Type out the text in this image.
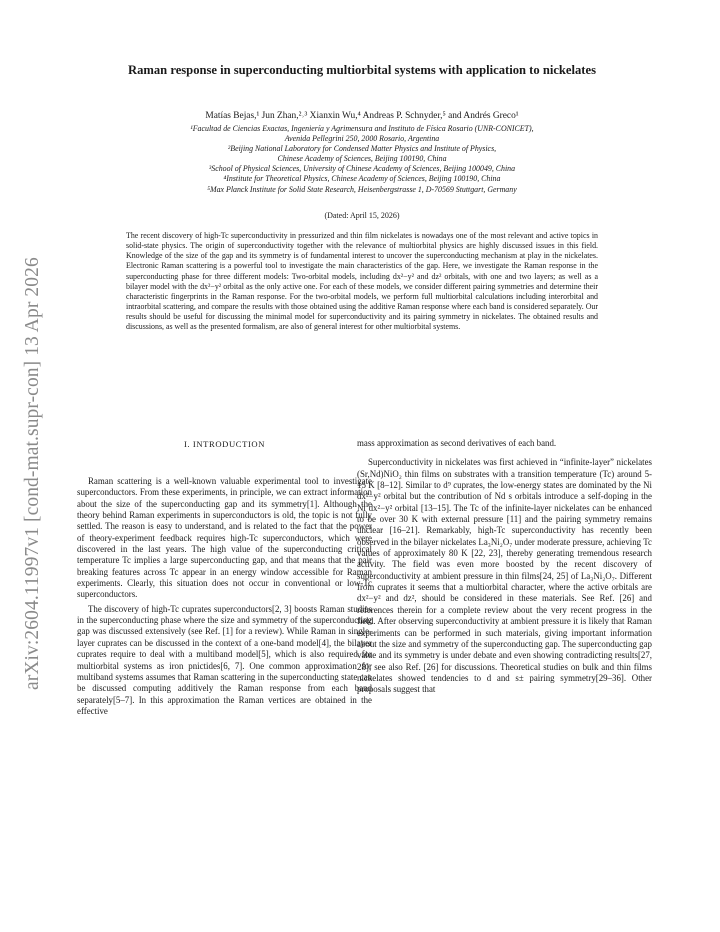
arXiv:2604.11997v1 [cond-mat.supr-con] 13 Apr 2026
Raman response in superconducting multiorbital systems with application to nickelates
Matías Bejas,¹ Jun Zhan,²˒³ Xianxin Wu,⁴ Andreas P. Schnyder,⁵ and Andrés Greco¹
¹Facultad de Ciencias Exactas, Ingeniería y Agrimensura and Instituto de Física Rosario (UNR-CONICET),
Avenida Pellegrini 250, 2000 Rosario, Argentina
²Beijing National Laboratory for Condensed Matter Physics and Institute of Physics,
Chinese Academy of Sciences, Beijing 100190, China
³School of Physical Sciences, University of Chinese Academy of Sciences, Beijing 100049, China
⁴Institute for Theoretical Physics, Chinese Academy of Sciences, Beijing 100190, China
⁵Max Planck Institute for Solid State Research, Heisenbergstrasse 1, D-70569 Stuttgart, Germany
(Dated: April 15, 2026)
The recent discovery of high-Tc superconductivity in pressurized and thin film nickelates is nowadays one of the most relevant and active topics in solid-state physics. The origin of superconductivity together with the relevance of multiorbital physics are highly discussed issues in this field. Knowledge of the size of the gap and its symmetry is of fundamental interest to uncover the superconducting mechanism at play in the nickelates. Electronic Raman scattering is a powerful tool to investigate the main characteristics of the gap. Here, we investigate the Raman response in the superconducting phase for three different models: Two-orbital models, including dx²−y² and dz² orbitals, with one and two layers; as well as a bilayer model with the dx²−y² orbital as the only active one. For each of these models, we consider different pairing symmetries and determine their characteristic fingerprints in the Raman response. For the two-orbital models, we perform full multiorbital calculations including interorbital and intraorbital scattering, and compare the results with those obtained using the additive Raman response where each band is considered separately. Our results should be useful for discussing the minimal model for superconductivity and its pairing symmetry in nickelates. The obtained results and discussions, as well as the presented formalism, are also of general interest for other multiorbital systems.
I. INTRODUCTION

Raman scattering is a well-known valuable experimental tool to investigate superconductors. From these experiments, in principle, we can extract information about the size of the superconducting gap and its symmetry[1]. Although the theory behind Raman experiments in superconductors is old, the topic is not fully settled. The reason is easy to understand, and is related to the fact that the power of theory-experiment feedback requires high-Tc superconductors, which were discovered in the last years. The high value of the superconducting critical temperature Tc implies a large superconducting gap, and that means that the pair breaking features across Tc appear in an energy window accessible for Raman experiments. Clearly, this situation does not occur in conventional or low-Tc superconductors.

The discovery of high-Tc cuprates superconductors[2, 3] boosts Raman studies in the superconducting phase where the size and symmetry of the superconducting gap was discussed extensively (see Ref. [1] for a review). While Raman in single-layer cuprates can be discussed in the context of a one-band model[4], the bilayer cuprates require to deal with a multiband model[5], which is also required for multiorbital systems as iron pnictides[6, 7]. One common approximation for multiband systems assumes that Raman scattering in the superconducting state can be discussed computing additively the Raman response from each band separately[5–7]. In this approximation the Raman vertices are obtained in the effective

mass approximation as second derivatives of each band.

Superconductivity in nickelates was first achieved in “infinite-layer” nickelates (Sr,Nd)NiO₂ thin films on substrates with a transition temperature (Tc) around 5-15 K [8–12]. Similar to d⁹ cuprates, the low-energy states are dominated by the Ni dx²−y² orbital but the contribution of Nd s orbitals introduce a self-doping in the Ni dx²−y² orbital [13–15]. The Tc of the infinite-layer nickelates can be enhanced to be over 30 K with external pressure [11] and the pairing symmetry remains unclear [16–21]. Remarkably, high-Tc superconductivity has recently been observed in the bilayer nickelates La₃Ni₂O₇ under moderate pressure, achieving Tc values of approximately 80 K [22, 23], thereby generating tremendous research activity. The field was even more boosted by the recent discovery of superconductivity at ambient pressure in thin films[24, 25] of La₃Ni₂O₇. Different from cuprates it seems that a multiorbital character, where the active orbitals are dx²−y² and dz², should be considered in these materials. See Ref. [26] and references therein for a complete review about the very recent progress in the field. After observing superconductivity at ambient pressure it is likely that Raman experiments can be performed in such materials, giving important information about the size and symmetry of the superconducting gap. The superconducting gap value and its symmetry is under debate and even showing contradicting results[27, 28]; see also Ref. [26] for discussions. Theoretical studies on bulk and thin films nickelates showed tendencies to d and s± pairing symmetry[29–36]. Other proposals suggest that
